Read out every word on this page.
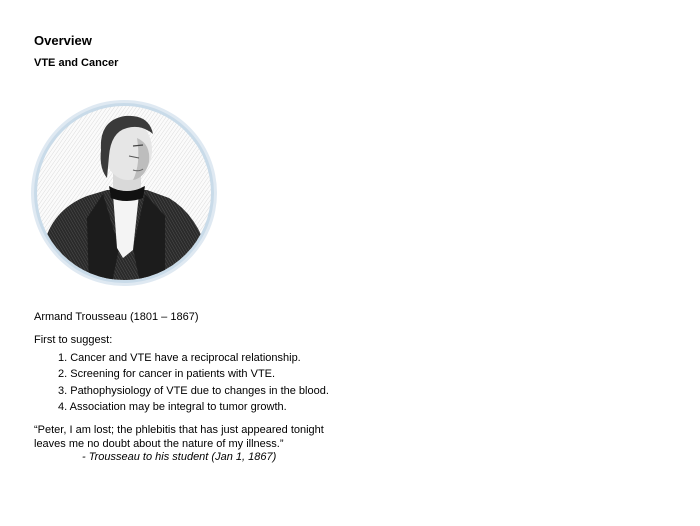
Overview
VTE and Cancer
Armand Trousseau (1801 – 1867)
First to suggest:
1. Cancer and VTE have a reciprocal relationship.
2. Screening for cancer in patients with VTE.
3. Pathophysiology of VTE due to changes in the blood.
4. Association may be integral to tumor growth.
“Peter, I am lost; the phlebitis that has just appeared tonight
leaves me no doubt about the nature of my illness.”
- Trousseau to his student (Jan 1, 1867)
